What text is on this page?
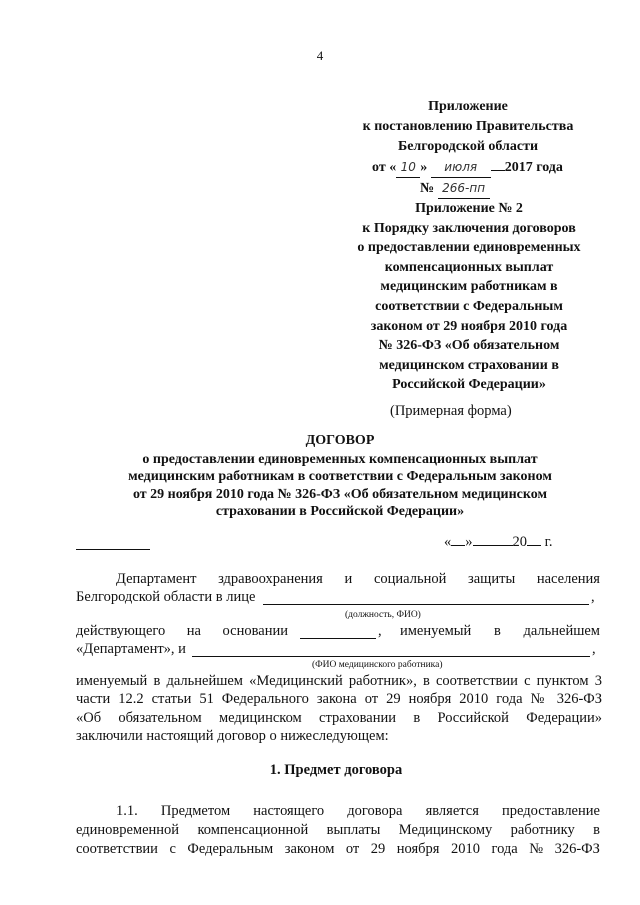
4
Приложение
к постановлению Правительства
Белгородской области
от « 10 » июля 2017 года
№ 266-пп
Приложение № 2
к Порядку заключения договоров
о предоставлении единовременных
компенсационных выплат
медицинским работникам в
соответствии с Федеральным
законом от 29 ноября 2010 года
№ 326-ФЗ «Об обязательном
медицинском страховании в
Российской Федерации»
(Примерная форма)
ДОГОВОР
о предоставлении единовременных компенсационных выплат
медицинским работникам в соответствии с Федеральным законом
от 29 ноября 2010 года № 326-ФЗ «Об обязательном медицинском
страховании в Российской Федерации»
« »	20 г.
Департамент здравоохранения и социальной защиты населения
Белгородской области в лице	,
(должность, ФИО)
действующего на основании	, именуемый в дальнейшем
«Департамент», и	,
(ФИО медицинского работника)
именуемый в дальнейшем «Медицинский работник», в соответствии с пунктом 3
части 12.2 статьи 51 Федерального закона от 29 ноября 2010 года № 326-ФЗ
«Об обязательном медицинском страховании в Российской Федерации»
заключили настоящий договор о нижеследующем:
1. Предмет договора
1.1. Предметом настоящего договора является предоставление
единовременной компенсационной выплаты Медицинскому работнику в
соответствии с Федеральным законом от 29 ноября 2010 года № 326-ФЗ
